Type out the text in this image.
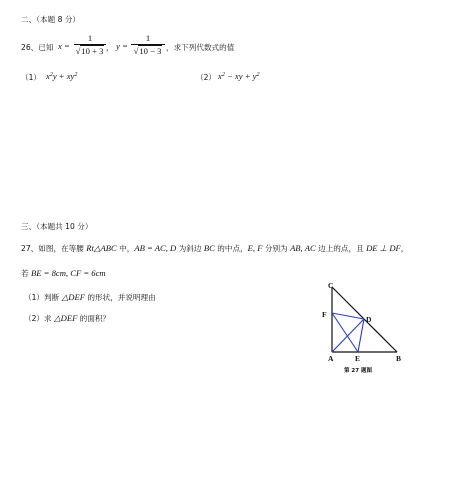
二、（本题 8 分）
26、已知 x =
1
√10 + 3 ， y =
1
√10 − 3 ，求下列代数式的值
（1） $x^2y + xy^2$	（2） $x^2$ − xy + $y^2$
三、（本题共 10 分）
27、如图，在等腰 Rt△ABC 中，AB = AC, D 为斜边 BC 的中点，E, F 分别为 AB, AC 边上的点，且 DE ⊥ DF，
若 BE = 8cm, CF = 6cm
（1）判断 △DEF 的形状，并说明理由
（2）求 △DEF 的面积？
C
F
D
A	E	B
第 27 题图
